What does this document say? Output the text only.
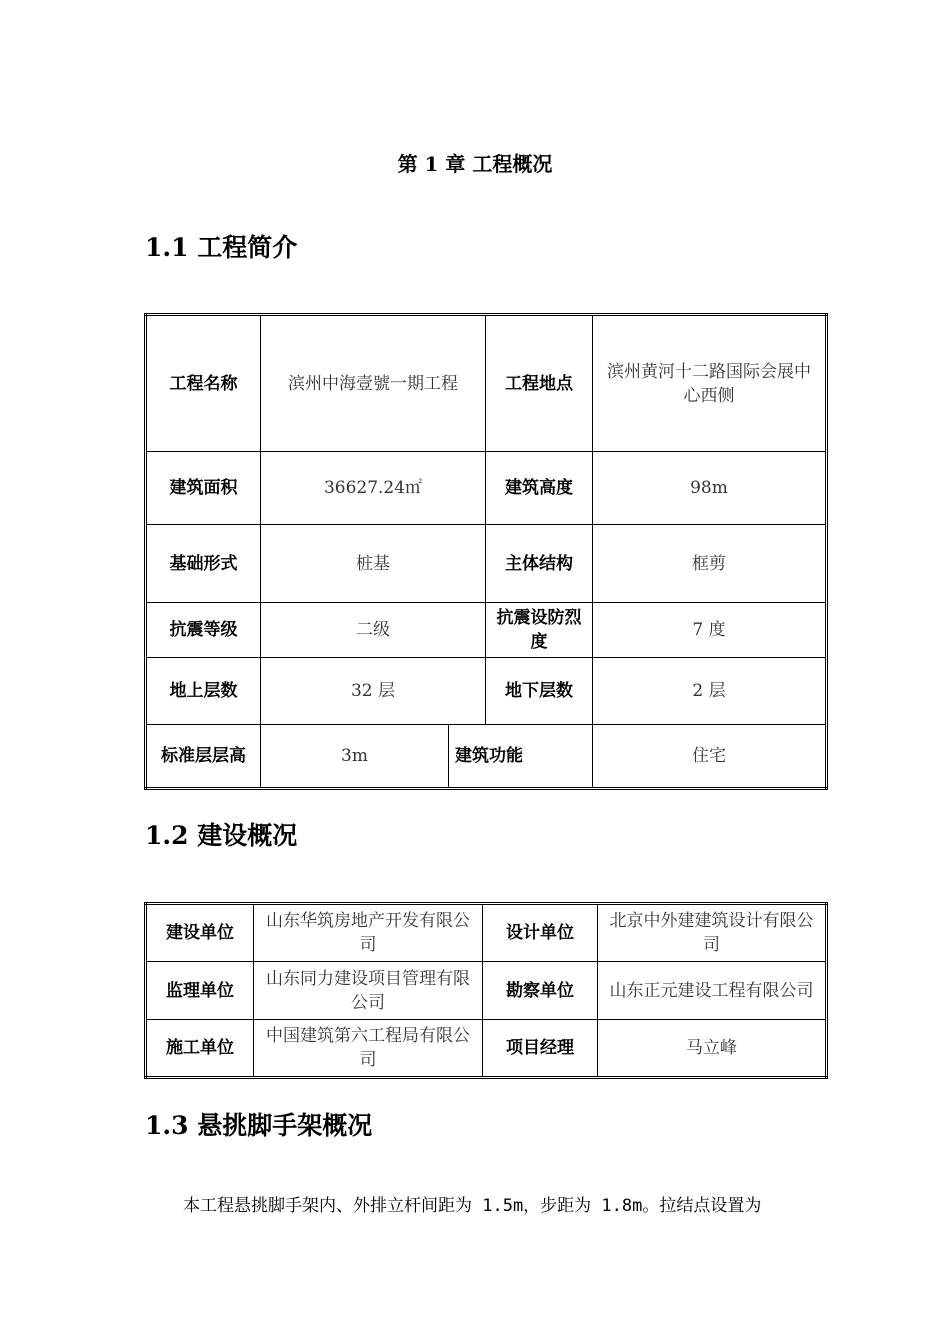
第 1 章 工程概况
1.1 工程简介
工程名称	滨州中海壹號一期工程		工程地点	滨州黄河十二路国际会展中心西侧
建筑面积	36627.24㎡		建筑高度	98m
基础形式	桩基		主体结构	框剪
抗震等级	二级		抗震设防烈度	7 度
地上层数	32 层		地下层数	2 层
标准层层高	3m	建筑功能		住宅
1.2 建设概况
建设单位	山东华筑房地产开发有限公司	设计单位	北京中外建建筑设计有限公司
监理单位	山东同力建设项目管理有限公司	勘察单位	山东正元建设工程有限公司
施工单位	中国建筑第六工程局有限公司	项目经理	马立峰
1.3 悬挑脚手架概况
本工程悬挑脚手架内、外排立杆间距为 1.5m，步距为 1.8m。拉结点设置为
